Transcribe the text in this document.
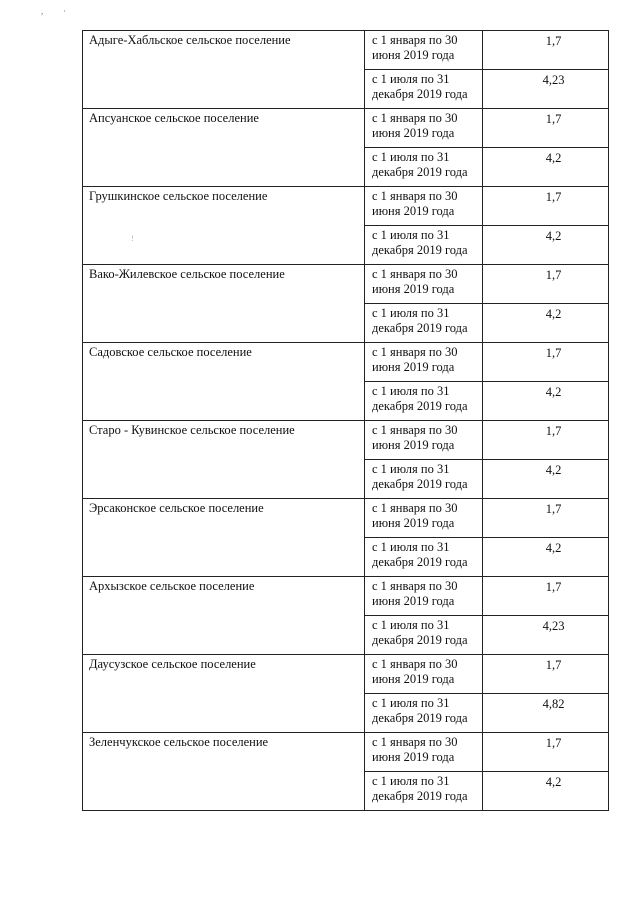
, ·
!
Адыге-Хабльское сельское поселение	с 1 января по 30 июня 2019 года	1,7
	с 1 июля по 31 декабря 2019 года	4,23
Апсуанское сельское поселение	с 1 января по 30 июня 2019 года	1,7
	с 1 июля по 31 декабря 2019 года	4,2
Грушкинское сельское поселение	с 1 января по 30 июня 2019 года	1,7
	с 1 июля по 31 декабря 2019 года	4,2
Вако-Жилевское сельское поселение	с 1 января по 30 июня 2019 года	1,7
	с 1 июля по 31 декабря 2019 года	4,2
Садовское сельское поселение	с 1 января по 30 июня 2019 года	1,7
	с 1 июля по 31 декабря 2019 года	4,2
Старо - Кувинское сельское поселение	с 1 января по 30 июня 2019 года	1,7
	с 1 июля по 31 декабря 2019 года	4,2
Эрсаконское сельское поселение	с 1 января по 30 июня 2019 года	1,7
	с 1 июля по 31 декабря 2019 года	4,2
Архызское сельское поселение	с 1 января по 30 июня 2019 года	1,7
	с 1 июля по 31 декабря 2019 года	4,23
Даусузское сельское поселение	с 1 января по 30 июня 2019 года	1,7
	с 1 июля по 31 декабря 2019 года	4,82
Зеленчукское сельское поселение	с 1 января по 30 июня 2019 года	1,7
	с 1 июля по 31 декабря 2019 года	4,2
